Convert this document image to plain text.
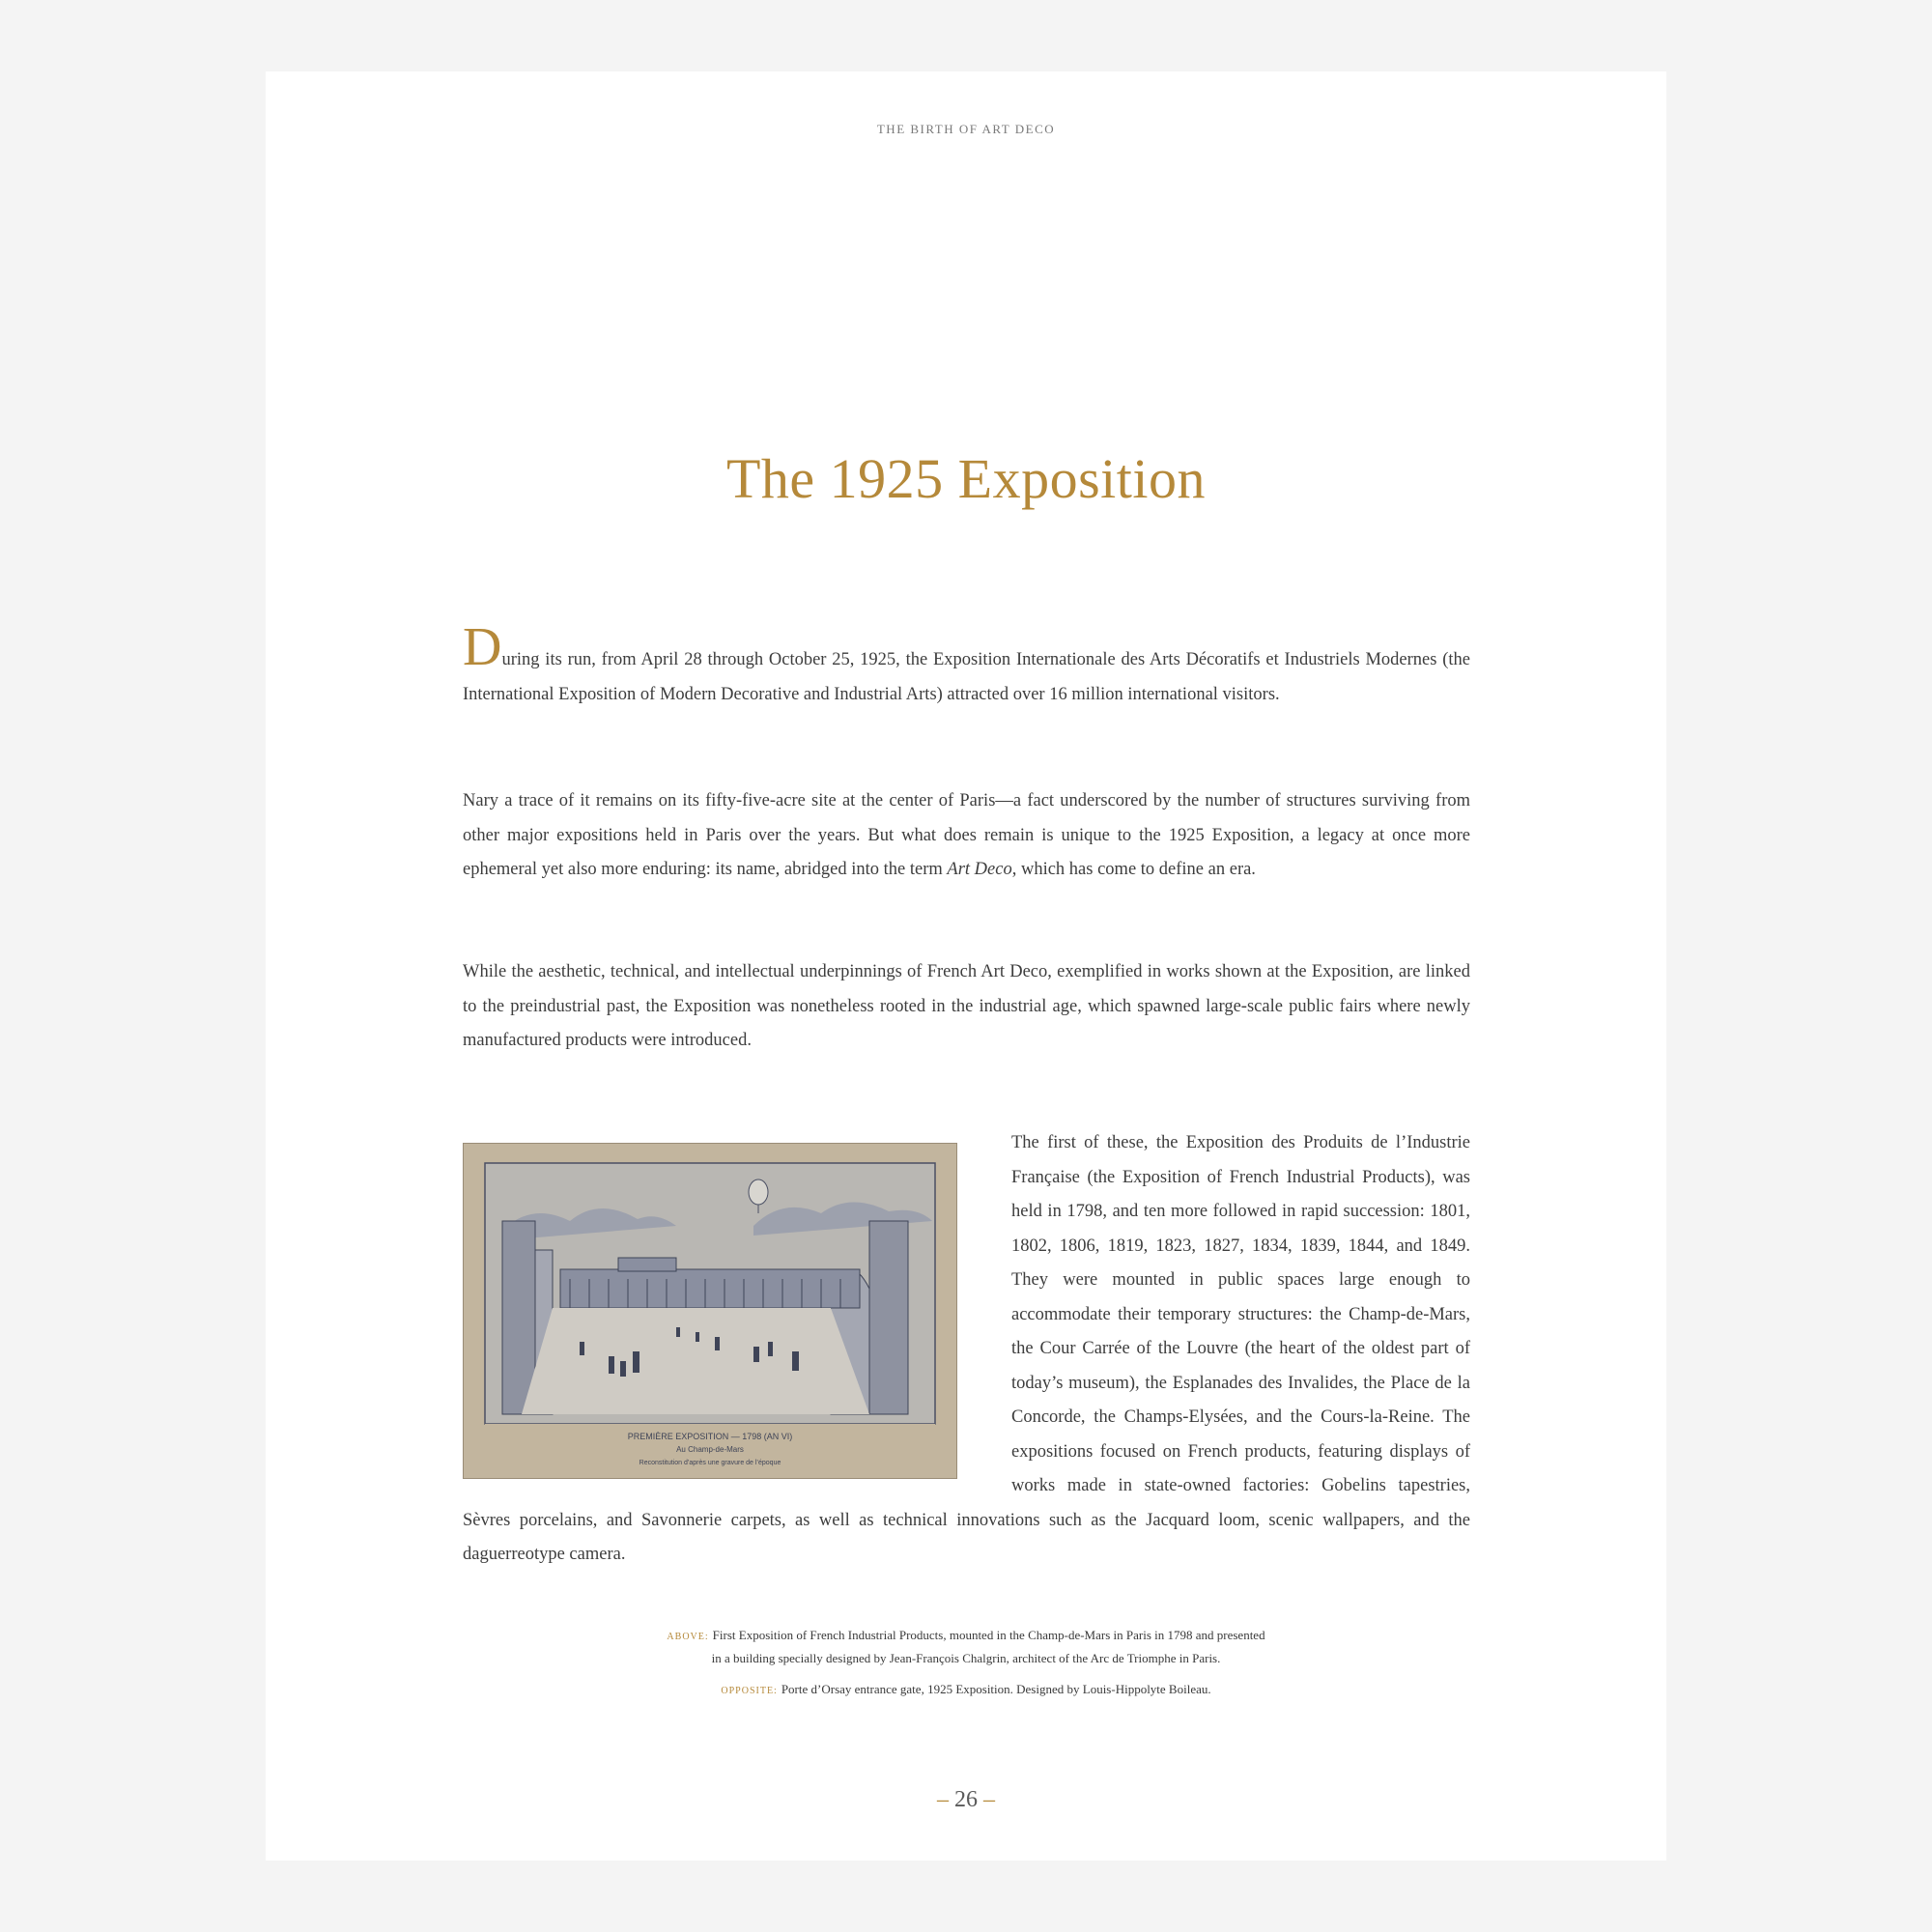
THE BIRTH OF ART DECO
The 1925 Exposition

During its run, from April 28 through October 25, 1925, the Exposition Internationale des Arts Décoratifs et Industriels Modernes (the International Exposition of Modern Decorative and Industrial Arts) attracted over 16 million international visitors.

Nary a trace of it remains on its fifty-five-acre site at the center of Paris—a fact underscored by the number of structures surviving from other major expositions held in Paris over the years. But what does remain is unique to the 1925 Exposition, a legacy at once more ephemeral yet also more enduring: its name, abridged into the term Art Deco, which has come to define an era.

While the aesthetic, technical, and intellectual underpinnings of French Art Deco, exemplified in works shown at the Exposition, are linked to the preindustrial past, the Exposition was nonetheless rooted in the industrial age, which spawned large-scale public fairs where newly manufactured products were introduced.

PREMIÈRE EXPOSITION — 1798 (AN VI)
Au Champ-de-Mars
Reconstitution d’après une gravure de l’époque
The first of these, the Exposition des Produits de l’Industrie Française (the Exposition of French Industrial Products), was held in 1798, and ten more followed in rapid succession: 1801, 1802, 1806, 1819, 1823, 1827, 1834, 1839, 1844, and 1849. They were mounted in public spaces large enough to accommodate their temporary structures: the Champ-de-Mars, the Cour Carrée of the Louvre (the heart of the oldest part of today’s museum), the Esplanades des Invalides, the Place de la Concorde, the Champs-Elysées, and the Cours-la-Reine. The expositions focused on French products, featuring displays of works made in state-owned factories: Gobelins tapestries, Sèvres porcelains, and Savonnerie carpets, as well as technical innovations such as the Jacquard loom, scenic wallpapers, and the daguerreotype camera.
ABOVE: First Exposition of French Industrial Products, mounted in the Champ-de-Mars in Paris in 1798 and presented
in a building specially designed by Jean-François Chalgrin, architect of the Arc de Triomphe in Paris.
OPPOSITE: Porte d’Orsay entrance gate, 1925 Exposition. Designed by Louis-Hippolyte Boileau.
– 26 –
